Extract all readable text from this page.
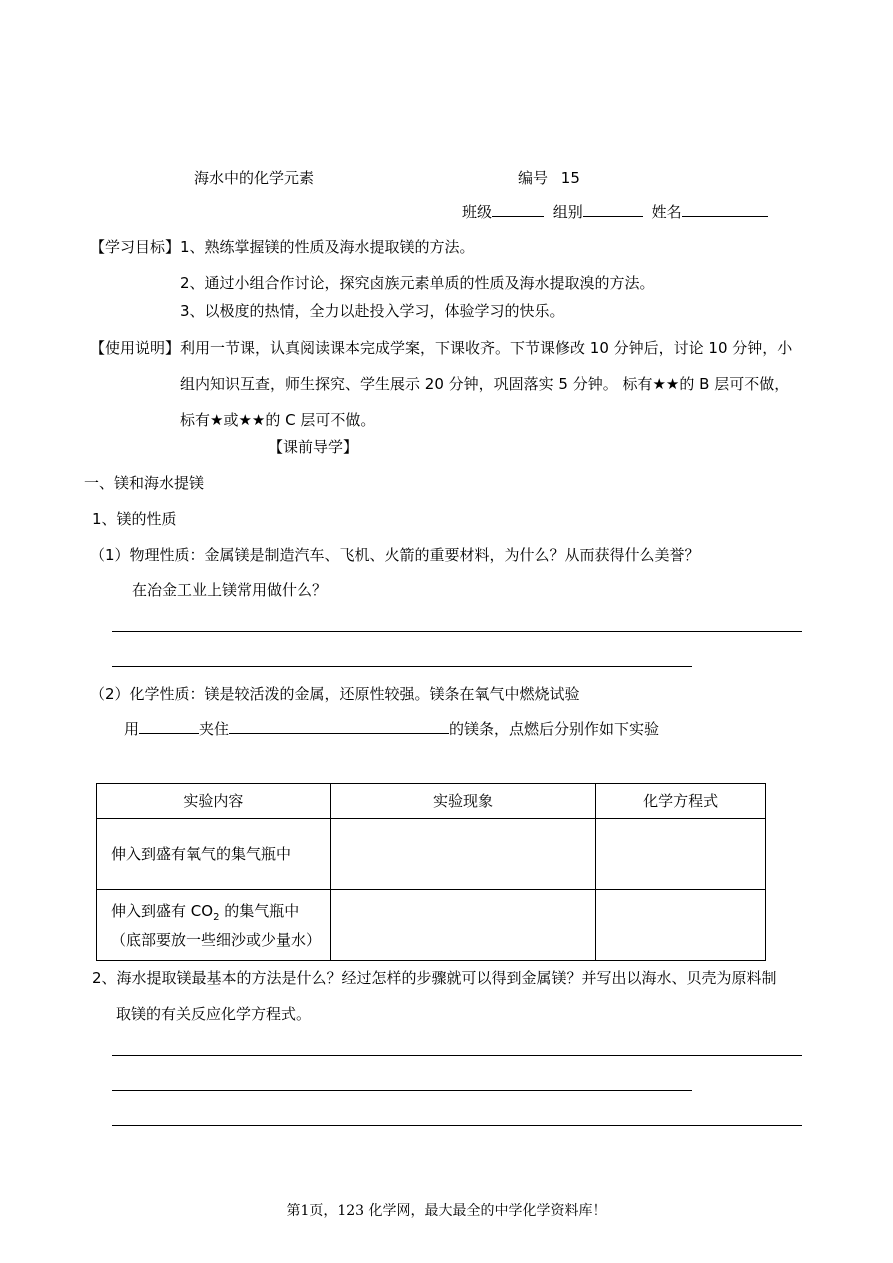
海水中的化学元素	编号 15
班级	组别	姓名
【学习目标】1、熟练掌握镁的性质及海水提取镁的方法。
2、通过小组合作讨论，探究卤族元素单质的性质及海水提取溴的方法。
3、以极度的热情，全力以赴投入学习，体验学习的快乐。
【使用说明】利用一节课，认真阅读课本完成学案，下课收齐。下节课修改 10 分钟后，讨论 10 分钟，小
组内知识互查，师生探究、学生展示 20 分钟，巩固落实 5 分钟。 标有★★的 B 层可不做，
标有★或★★的 C 层可不做。
【课前导学】
一、镁和海水提镁
1、镁的性质
（1）物理性质：金属镁是制造汽车、飞机、火箭的重要材料，为什么？从而获得什么美誉？
在冶金工业上镁常用做什么？
（2）化学性质：镁是较活泼的金属，还原性较强。镁条在氧气中燃烧试验
用	夹住	的镁条，点燃后分别作如下实验
实验内容	实验现象	化学方程式
伸入到盛有氧气的集气瓶中		

伸入到盛有 $CO_2$ 的集气瓶中
（底部要放一些细沙或少量水）		

2、海水提取镁最基本的方法是什么？经过怎样的步骤就可以得到金属镁？并写出以海水、贝壳为原料制
取镁的有关反应化学方程式。
第1页，123 化学网，最大最全的中学化学资料库！
